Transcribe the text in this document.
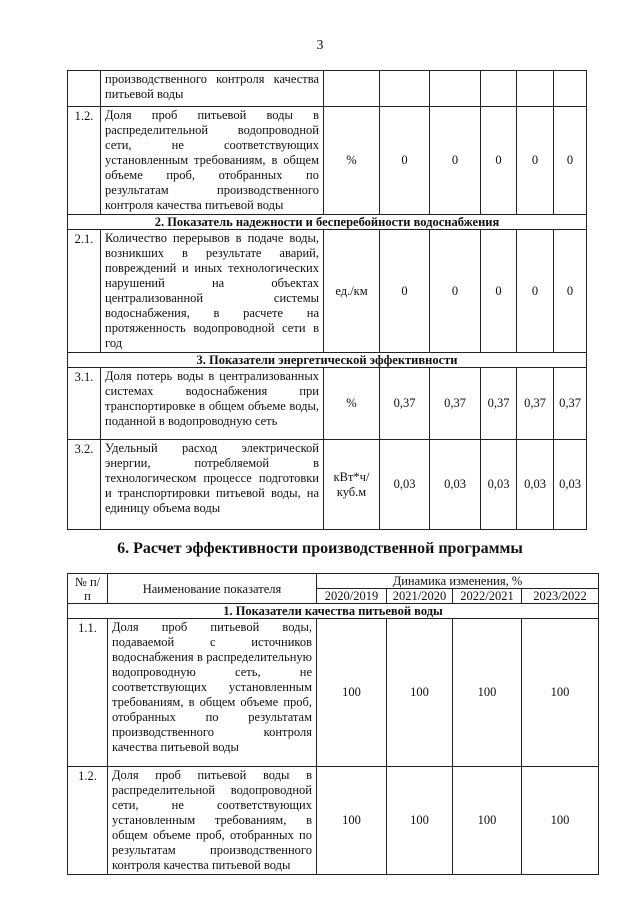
3
	производственного контроля качества питьевой воды						
1.2.	Доля проб питьевой воды в распределительной водопроводной сети, не соответствующих установленным требованиям, в общем объеме проб, отобранных по результатам производственного контроля качества питьевой воды	%	0	0	0	0	0
2. Показатель надежности и бесперебойности водоснабжения							
2.1.	Количество перерывов в подаче воды, возникших в результате аварий, повреждений и иных технологических нарушений на объектах централизованной системы водоснабжения, в расчете на протяженность водопроводной сети в год	ед./км	0	0	0	0	0
3. Показатели энергетической эффективности							
3.1.	Доля потерь воды в централизованных системах водоснабжения при транспортировке в общем объеме воды, поданной в водопроводную сеть	%	0,37	0,37	0,37	0,37	0,37
3.2.	Удельный расход электрической энергии, потребляемой в технологическом процессе подготовки и транспортировки питьевой воды, на единицу объема воды	кВт*ч/ куб.м	0,03	0,03	0,03	0,03	0,03
6. Расчет эффективности производственной программы
№ п/п	Наименование показателя	Динамика изменения, %			
		2020/2019	2021/2020	2022/2021	2023/2022
1. Показатели качества питьевой воды					
1.1.	Доля проб питьевой воды, подаваемой с источников водоснабжения в распределительную водопроводную сеть, не соответствующих установленным требованиям, в общем объеме проб, отобранных по результатам производственного контроля качества питьевой воды	100	100	100	100
1.2.	Доля проб питьевой воды в распределительной водопроводной сети, не соответствующих установленным требованиям, в общем объеме проб, отобранных по результатам производственного контроля качества питьевой воды	100	100	100	100
